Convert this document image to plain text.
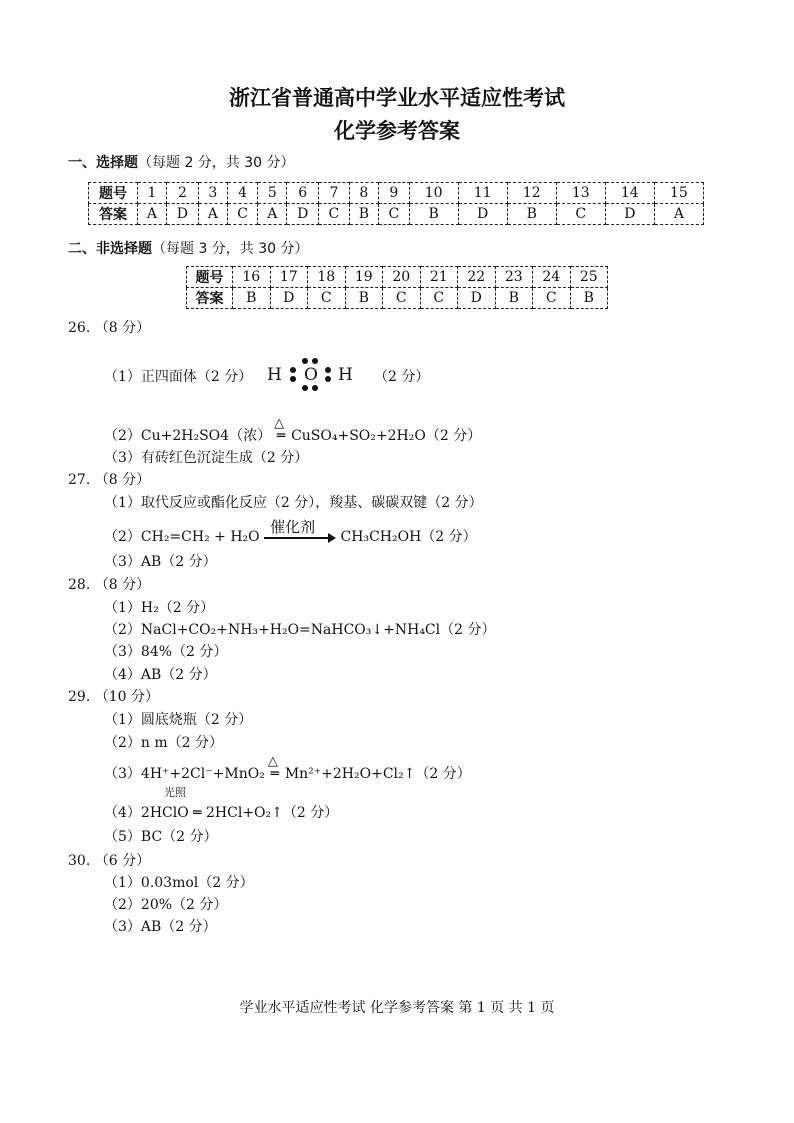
浙江省普通高中学业水平适应性考试
化学参考答案
一、选择题（每题 2 分，共 30 分）
题号	1	2	3	4	5	6	7	8	9	10	11	12	13	14	15
答案	A	D	A	C	A	D	C	B	C	B	D	B	C	D	A
二、非选择题（每题 3 分，共 30 分）
题号	16	17	18	19	20	21	22	23	24	25
答案	B	D	C	B	C	C	D	B	C	B
26. （8 分）
（1）正四面体（2 分） H O H （2 分）
（2）Cu+2H₂SO4（浓）
△
═ CuSO₄+SO₂+2H₂O（2 分）
（3）有砖红色沉淀生成（2 分）
27. （8 分）
（1）取代反应或酯化反应（2 分），羧基、碳碳双键（2 分）
（2）CH₂=CH₂ + H₂O
催化剂
CH₃CH₂OH（2 分）
（3）AB（2 分）
28. （8 分）
（1）H₂（2 分）
（2）NaCl+CO₂+NH₃+H₂O=NaHCO₃↓+NH₄Cl（2 分）
（3）84%（2 分）
（4）AB（2 分）
29. （10 分）
（1）圆底烧瓶（2 分）
（2）n m（2 分）
（3）4H⁺+2Cl⁻+MnO₂
△
═ Mn²⁺+2H₂O+Cl₂↑（2 分）
光照
（4）2HClO ═ 2HCl+O₂↑（2 分）
（5）BC（2 分）
30. （6 分）
（1）0.03mol（2 分）
（2）20%（2 分）
（3）AB（2 分）
学业水平适应性考试 化学参考答案 第 1 页 共 1 页
